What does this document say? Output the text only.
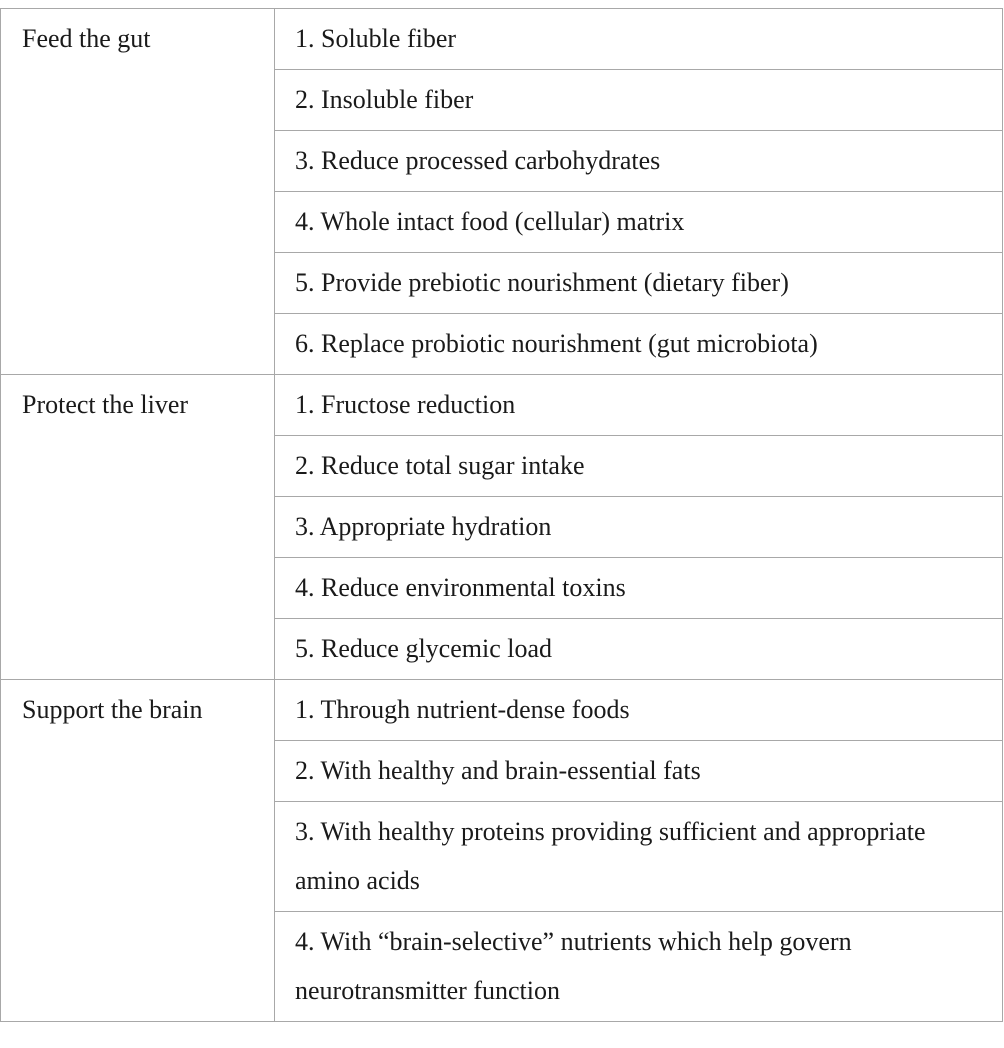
Feed the gut	1. Soluble fiber
	2. Insoluble fiber
	3. Reduce processed carbohydrates
	4. Whole intact food (cellular) matrix
	5. Provide prebiotic nourishment (dietary fiber)
	6. Replace probiotic nourishment (gut microbiota)
Protect the liver	1. Fructose reduction
	2. Reduce total sugar intake
	3. Appropriate hydration
	4. Reduce environmental toxins
	5. Reduce glycemic load
Support the brain	1. Through nutrient-dense foods
	2. With healthy and brain-essential fats
	3. With healthy proteins providing sufficient and appropriate amino acids
	4. With “brain-selective” nutrients which help govern neurotransmitter function
